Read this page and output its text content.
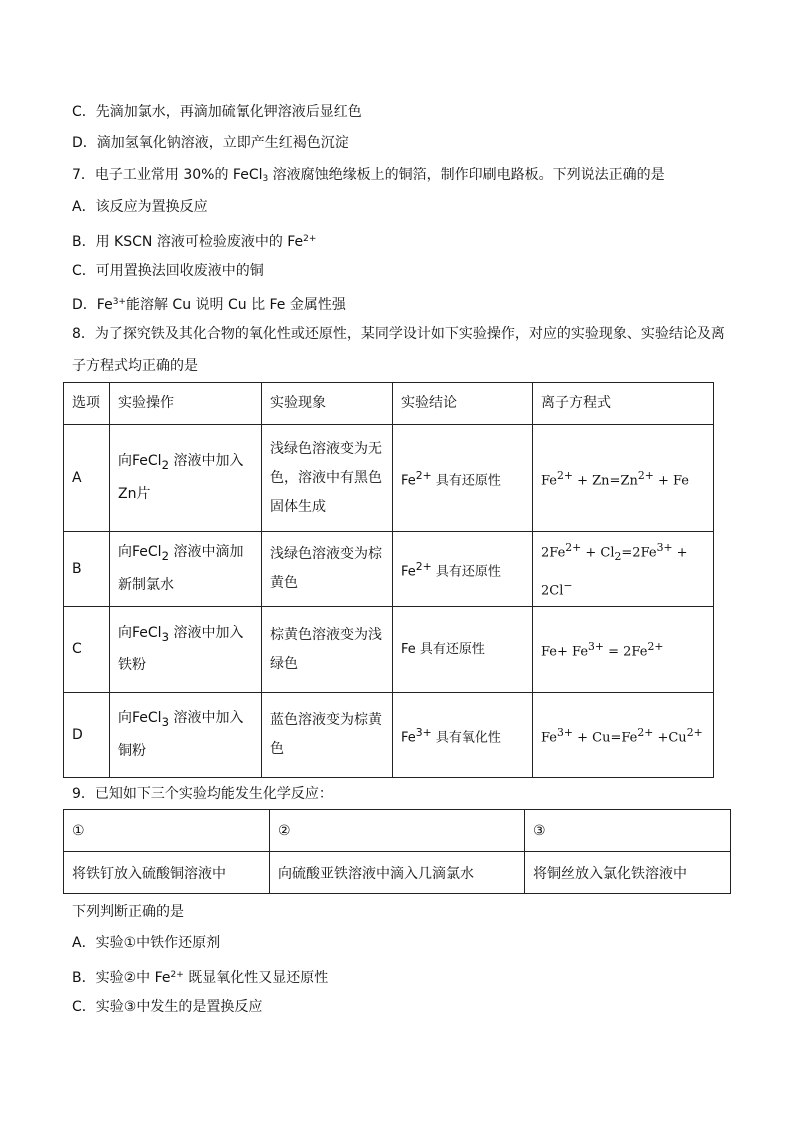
C．先滴加氯水，再滴加硫氰化钾溶液后显红色
D．滴加氢氧化钠溶液，立即产生红褐色沉淀
7．电子工业常用 30%的 FeCl$_3$ 溶液腐蚀绝缘板上的铜箔，制作印刷电路板。下列说法正确的是
A．该反应为置换反应
B．用 KSCN 溶液可检验废液中的 $Fe^{2+}$
C．可用置换法回收废液中的铜
D．$Fe^{3+}$能溶解 Cu 说明 Cu 比 Fe 金属性强
8．为了探究铁及其化合物的氧化性或还原性，某同学设计如下实验操作，对应的实验现象、实验结论及离
子方程式均正确的是
选项	实验操作	实验现象	实验结论	离子方程式
A	向FeCl$_2$ 溶液中加入Zn片	浅绿色溶液变为无色，溶液中有黑色固体生成	$Fe^{2+}$ 具有还原性	$Fe^{2+} + Zn=Zn^{2+} + Fe$
B	向FeCl$_2$ 溶液中滴加新制氯水	浅绿色溶液变为棕黄色	$Fe^{2+}$ 具有还原性	$2Fe^{2+} + Cl_2=2Fe^{3+} + 2Cl^-$
C	向FeCl$_3$ 溶液中加入铁粉	棕黄色溶液变为浅绿色	Fe 具有还原性	$Fe+ Fe^{3+} = 2Fe^{2+}$
D	向FeCl$_3$ 溶液中加入铜粉	蓝色溶液变为棕黄色	$Fe^{3+}$ 具有氧化性	$Fe^{3+} + Cu=Fe^{2+} +Cu^{2+}$
9．已知如下三个实验均能发生化学反应：
①	②	③
将铁钉放入硫酸铜溶液中	向硫酸亚铁溶液中滴入几滴氯水	将铜丝放入氯化铁溶液中
下列判断正确的是
A．实验①中铁作还原剂
B．实验②中 $Fe^{2+}$ 既显氧化性又显还原性
C．实验③中发生的是置换反应
